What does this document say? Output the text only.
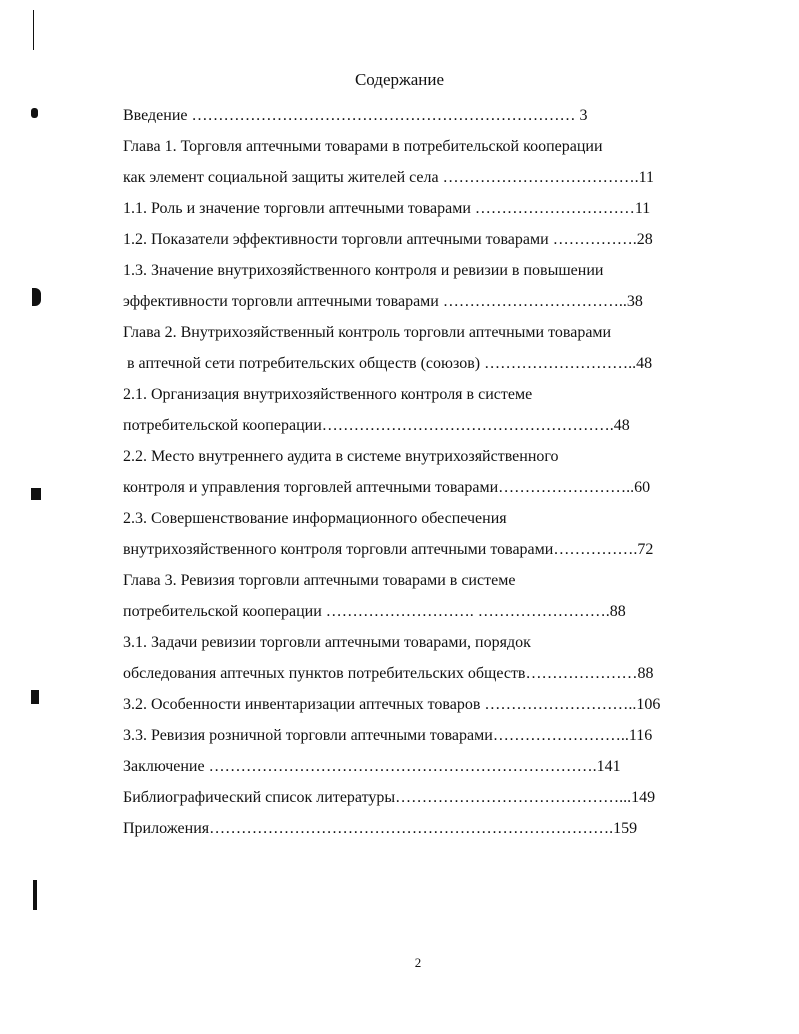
Содержание
Введение ……………………………………………………………… 3
Глава 1. Торговля аптечными товарами в потребительской кооперации
как элемент социальной защиты жителей села ……………………………….11
1.1. Роль и значение торговли аптечными товарами …………………………11
1.2. Показатели эффективности торговли аптечными товарами …………….28
1.3. Значение внутрихозяйственного контроля и ревизии в повышении
эффективности торговли аптечными товарами ……………………………..38
Глава 2. Внутрихозяйственный контроль торговли аптечными товарами
в аптечной сети потребительских обществ (союзов) ………………………..48
2.1. Организация внутрихозяйственного контроля в системе
потребительской кооперации……………………………………………….48
2.2. Место внутреннего аудита в системе внутрихозяйственного
контроля и управления торговлей аптечными товарами……………………..60
2.3. Совершенствование информационного обеспечения
внутрихозяйственного контроля торговли аптечными товарами…………….72
Глава 3. Ревизия торговли аптечными товарами в системе
потребительской кооперации ………………………. …………………….88
3.1. Задачи ревизии торговли аптечными товарами, порядок
обследования аптечных пунктов потребительских обществ…………………88
3.2. Особенности инвентаризации аптечных товаров ………………………..106
3.3. Ревизия розничной торговли аптечными товарами……………………..116
Заключение ……………………………………………………………….141
Библиографический список литературы……………………………………...149
Приложения………………………………………………………………….159
2
